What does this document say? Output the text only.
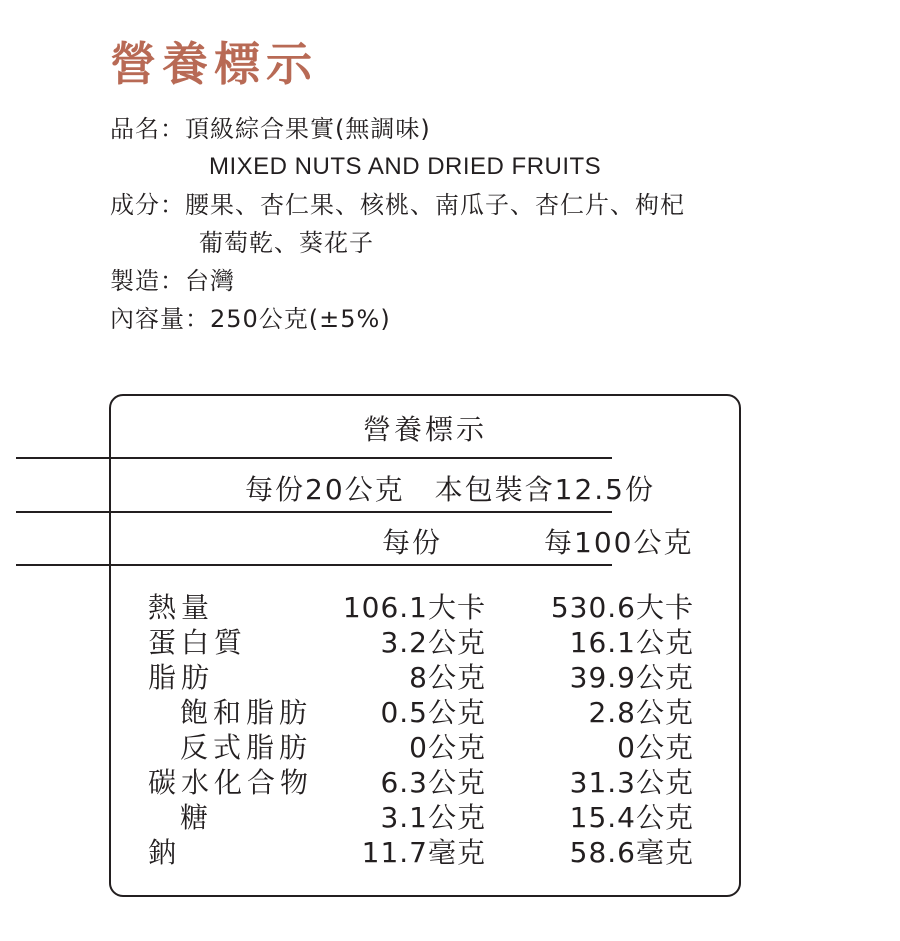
營養標示
品名 ： 頂級綜合果實(無調味)
MIXED NUTS AND DRIED FRUITS
成分 ： 腰果、杏仁果、核桃、南瓜子、杏仁片、枸杞
葡萄乾、葵花子
製造 ： 台灣
內容量 ： 250公克(±5%)
營養標示
每份20公克　本包裝含12.5份
每份	每100公克
熱量	106.1大卡 530.6大卡
蛋白質	3.2公克	16.1公克
脂肪	8公克	39.9公克
飽和脂肪 0.5公克	2.8公克
反式脂肪	0公克	0公克
碳水化合物 6.3公克	31.3公克
糖	3.1公克	15.4公克
鈉	11.7毫克	58.6毫克
